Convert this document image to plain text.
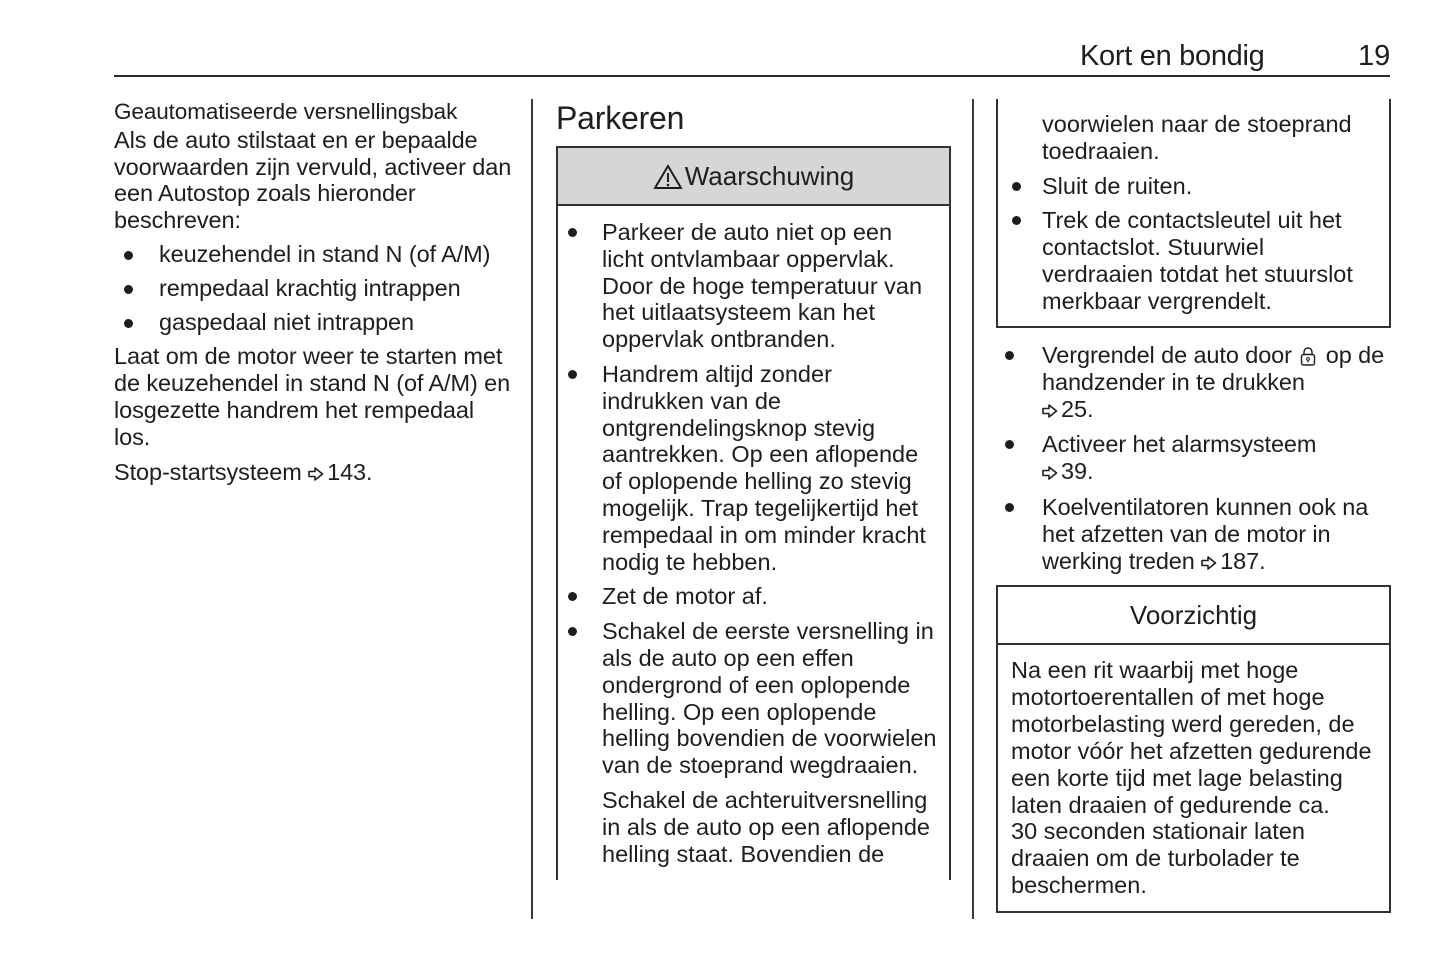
Kort en bondig	19

Geautomatiseerde versnellingsbak

Als de auto stilstaat en er bepaalde voorwaarden zijn vervuld, activeer dan een Autostop zoals hieronder beschreven:

keuzehendel in stand N (of A/M)
rempedaal krachtig intrappen
gaspedaal niet intrappen

Laat om de motor weer te starten met de keuzehendel in stand N (of A/M) en losgezette handrem het rempedaal los.

Stop-startsysteem 143.

Parkeren
Waarschuwing
Parkeer de auto niet op een licht ontvlambaar oppervlak. Door de hoge temperatuur van het uitlaatsysteem kan het oppervlak ontbranden.
Handrem altijd zonder indrukken van de ontgrendelingsknop stevig aantrekken. Op een aflopende of oplopende helling zo stevig mogelijk. Trap tegelijkertijd het rempedaal in om minder kracht nodig te hebben.
Zet de motor af.
Schakel de eerste versnelling in als de auto op een effen ondergrond of een oplopende helling. Op een oplopende helling bovendien de voorwielen van de stoeprand wegdraaien.
Schakel de achteruitversnelling in als de auto op een aflopende helling staat. Bovendien de
voorwielen naar de stoeprand toedraaien.
Sluit de ruiten.
Trek de contactsleutel uit het contactslot. Stuurwiel verdraaien totdat het stuurslot merkbaar vergrendelt.
Vergrendel de auto door  op de handzender in te drukken
25.
Activeer het alarmsysteem
39.
Koelventilatoren kunnen ook na het afzetten van de motor in werking treden 187.
Voorzichtig
Na een rit waarbij met hoge motortoerentallen of met hoge motorbelasting werd gereden, de motor vóór het afzetten gedurende een korte tijd met lage belasting laten draaien of gedurende ca.
30 seconden stationair laten draaien om de turbolader te beschermen.
